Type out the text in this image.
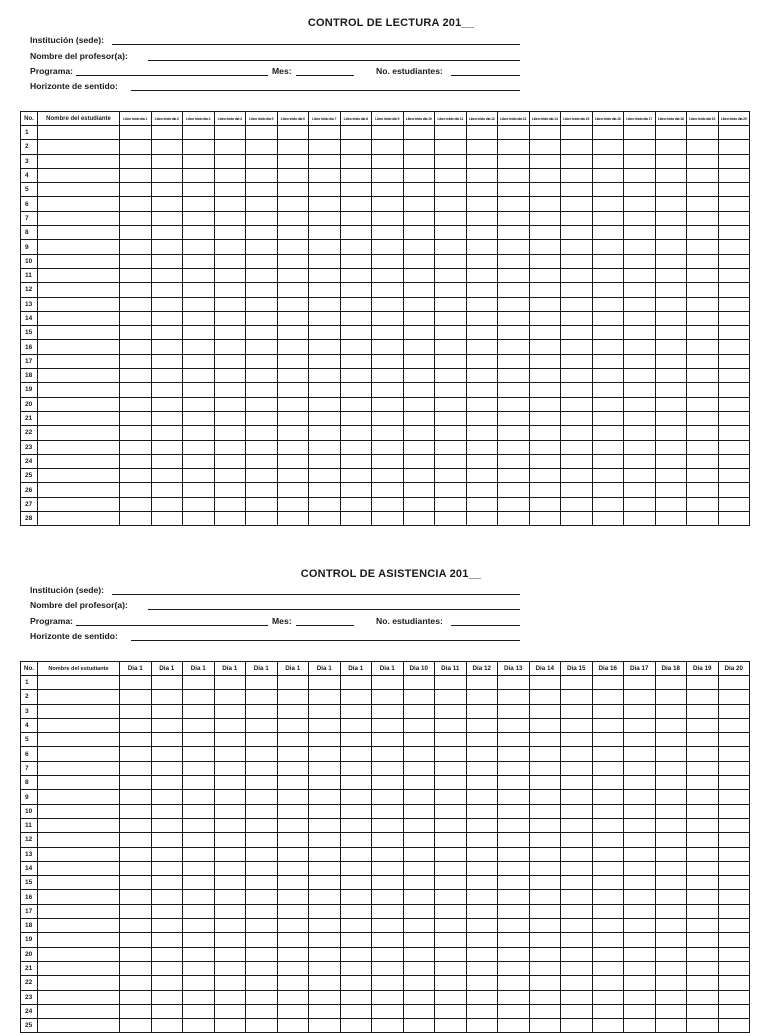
CONTROL DE LECTURA 201__
Institución (sede):
Nombre del profesor(a):
Programa:	Mes:	No. estudiantes:
Horizonte de sentido:
No.	Nombre del estudiante	Libro leido día 1	Libro leido día 2	Libro leido día 3	Libro leido día 4	Libro leido día 5	Libro leido día 6	Libro leido día 7	Libro leido día 8	Libro leido día 9	Libro leido día 10	Libro leido día 11	Libro leido día 12	Libro leido día 13	Libro leido día 14	Libro leido día 15	Libro leido día 16	Libro leido día 17	Libro leido día 18	Libro leido día 19	Libro leido día 20
1																					
2																					
3																					
4																					
5																					
6																					
7																					
8																					
9																					
10																					
11																					
12																					
13																					
14																					
15																					
16																					
17																					
18																					
19																					
20																					
21																					
22																					
23																					
24																					
25																					
26																					
27																					
28																					
CONTROL DE ASISTENCIA 201__
Institución (sede):
Nombre del profesor(a):
Programa:	Mes:	No. estudiantes:
Horizonte de sentido:
No.	Nombre del estudiante	Dia 1	Dia 1	Dia 1	Dia 1	Dia 1	Dia 1	Dia 1	Dia 1	Dia 1	Dia 10	Dia 11	Dia 12	Dia 13	Dia 14	Dia 15	Dia 16	Dia 17	Dia 18	Dia 19	Dia 20
1																					
2																					
3																					
4																					
5																					
6																					
7																					
8																					
9																					
10																					
11																					
12																					
13																					
14																					
15																					
16																					
17																					
18																					
19																					
20																					
21																					
22																					
23																					
24																					
25																					
